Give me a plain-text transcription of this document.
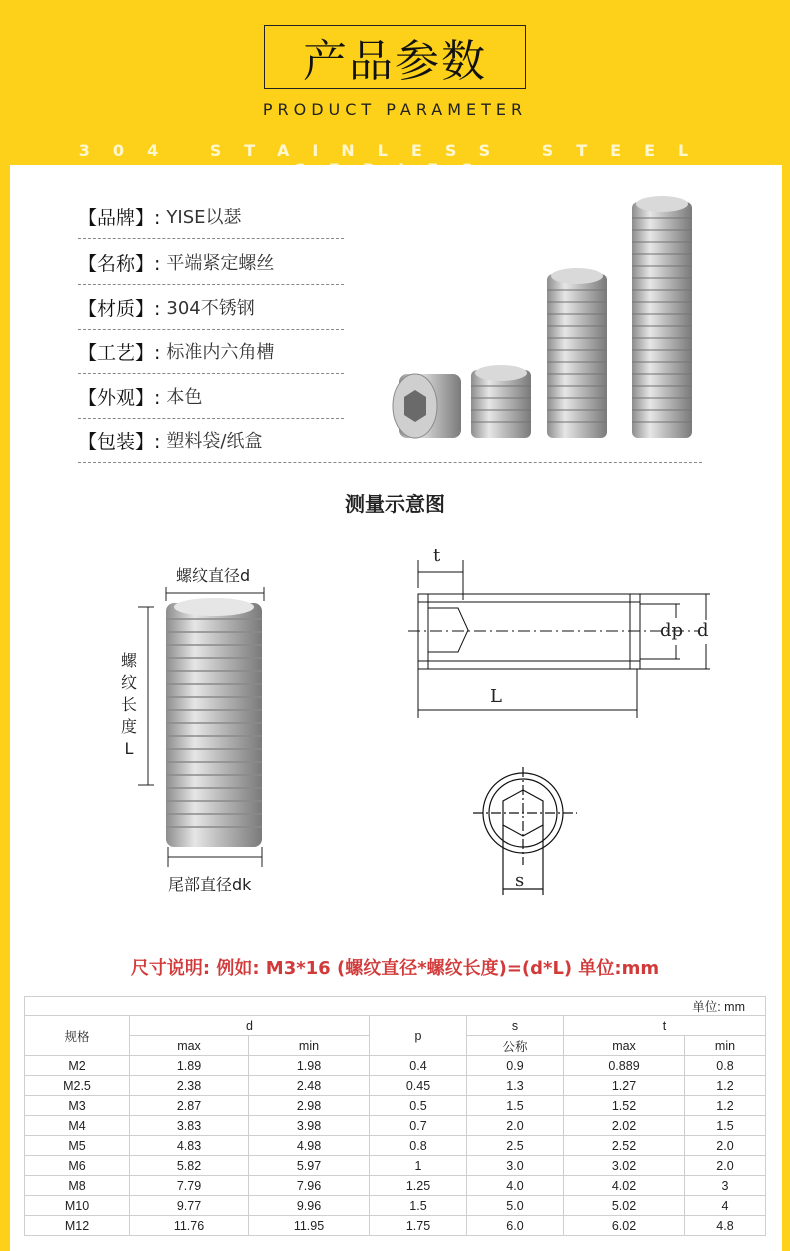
产品参数
PRODUCT PARAMETER
304 STAINLESS STEEL
【品牌】: YISE以瑟
【名称】: 平端紧定螺丝
【材质】: 304不锈钢
【工艺】: 标准内六角槽
【外观】: 本色
【包装】: 塑料袋/纸盒
测量示意图
螺纹直径d
螺
纹
长
度
L
尾部直径dk
t
dp d
L
s
尺寸说明: 例如: M3*16 (螺纹直径*螺纹长度)=(d*L) 单位:mm
单位: mm						
规格	d		p	s	t	
	max	min		公称	max	min
M2	1.89	1.98	0.4	0.9	0.889	0.8
M2.5	2.38	2.48	0.45	1.3	1.27	1.2
M3	2.87	2.98	0.5	1.5	1.52	1.2
M4	3.83	3.98	0.7	2.0	2.02	1.5
M5	4.83	4.98	0.8	2.5	2.52	2.0
M6	5.82	5.97	1	3.0	3.02	2.0
M8	7.79	7.96	1.25	4.0	4.02	3
M10	9.77	9.96	1.5	5.0	5.02	4
M12	11.76	11.95	1.75	6.0	6.02	4.8
